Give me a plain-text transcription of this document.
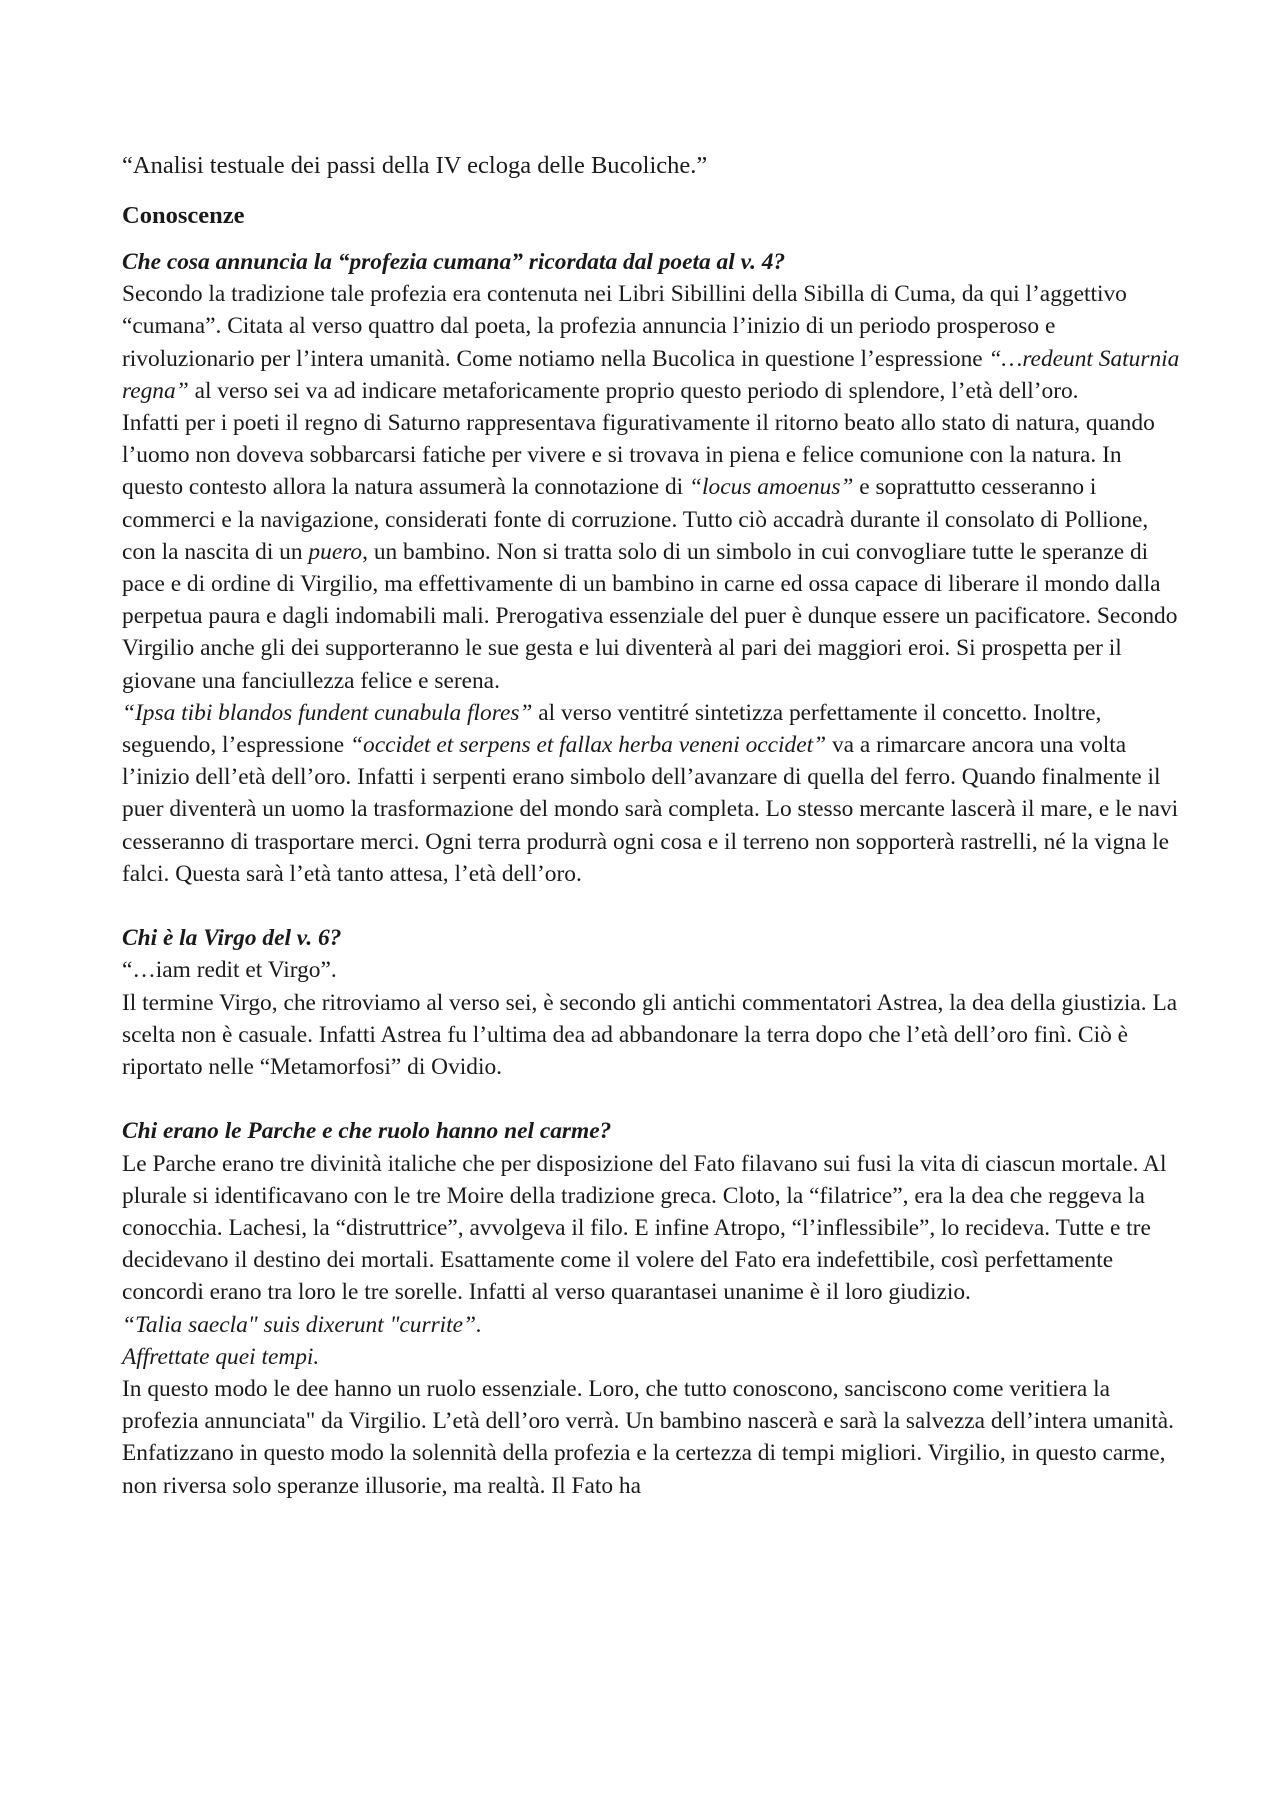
“Analisi testuale dei passi della IV ecloga delle Bucoliche.”
Conoscenze

Che cosa annuncia la “profezia cumana” ricordata dal poeta al v. 4?

Secondo la tradizione tale profezia era contenuta nei Libri Sibillini della Sibilla di Cuma, da qui l’aggettivo “cumana”. Citata al verso quattro dal poeta, la profezia annuncia l’inizio di un periodo prosperoso e rivoluzionario per l’intera umanità. Come notiamo nella Bucolica in questione l’espressione “…redeunt Saturnia regna” al verso sei va ad indicare metaforicamente proprio questo periodo di splendore, l’età dell’oro.

Infatti per i poeti il regno di Saturno rappresentava figurativamente il ritorno beato allo stato di natura, quando l’uomo non doveva sobbarcarsi fatiche per vivere e si trovava in piena e felice comunione con la natura. In questo contesto allora la natura assumerà la connotazione di “locus amoenus” e soprattutto cesseranno i commerci e la navigazione, considerati fonte di corruzione. Tutto ciò accadrà durante il consolato di Pollione, con la nascita di un puero, un bambino. Non si tratta solo di un simbolo in cui convogliare tutte le speranze di pace e di ordine di Virgilio, ma effettivamente di un bambino in carne ed ossa capace di liberare il mondo dalla perpetua paura e dagli indomabili mali. Prerogativa essenziale del puer è dunque essere un pacificatore. Secondo Virgilio anche gli dei supporteranno le sue gesta e lui diventerà al pari dei maggiori eroi. Si prospetta per il giovane una fanciullezza felice e serena.

“Ipsa tibi blandos fundent cunabula flores” al verso ventitré sintetizza perfettamente il concetto. Inoltre, seguendo, l’espressione “occidet et serpens et fallax herba veneni occidet” va a rimarcare ancora una volta l’inizio dell’età dell’oro. Infatti i serpenti erano simbolo dell’avanzare di quella del ferro. Quando finalmente il puer diventerà un uomo la trasformazione del mondo sarà completa. Lo stesso mercante lascerà il mare, e le navi cesseranno di trasportare merci. Ogni terra produrrà ogni cosa e il terreno non sopporterà rastrelli, né la vigna le falci. Questa sarà l’età tanto attesa, l’età dell’oro.

Chi è la Virgo del v. 6?

“…iam redit et Virgo”.

Il termine Virgo, che ritroviamo al verso sei, è secondo gli antichi commentatori Astrea, la dea della giustizia. La scelta non è casuale. Infatti Astrea fu l’ultima dea ad abbandonare la terra dopo che l’età dell’oro finì. Ciò è riportato nelle “Metamorfosi” di Ovidio.

Chi erano le Parche e che ruolo hanno nel carme?

Le Parche erano tre divinità italiche che per disposizione del Fato filavano sui fusi la vita di ciascun mortale. Al plurale si identificavano con le tre Moire della tradizione greca. Cloto, la “filatrice”, era la dea che reggeva la conocchia. Lachesi, la “distruttrice”, avvolgeva il filo. E infine Atropo, “l’inflessibile”, lo recideva. Tutte e tre decidevano il destino dei mortali. Esattamente come il volere del Fato era indefettibile, così perfettamente concordi erano tra loro le tre sorelle. Infatti al verso quarantasei unanime è il loro giudizio.

“Talia saecla" suis dixerunt "currite”.

Affrettate quei tempi.

In questo modo le dee hanno un ruolo essenziale. Loro, che tutto conoscono, sanciscono come veritiera la profezia annunciata" da Virgilio. L’età dell’oro verrà. Un bambino nascerà e sarà la salvezza dell’intera umanità. Enfatizzano in questo modo la solennità della profezia e la certezza di tempi migliori. Virgilio, in questo carme, non riversa solo speranze illusorie, ma realtà. Il Fato ha
